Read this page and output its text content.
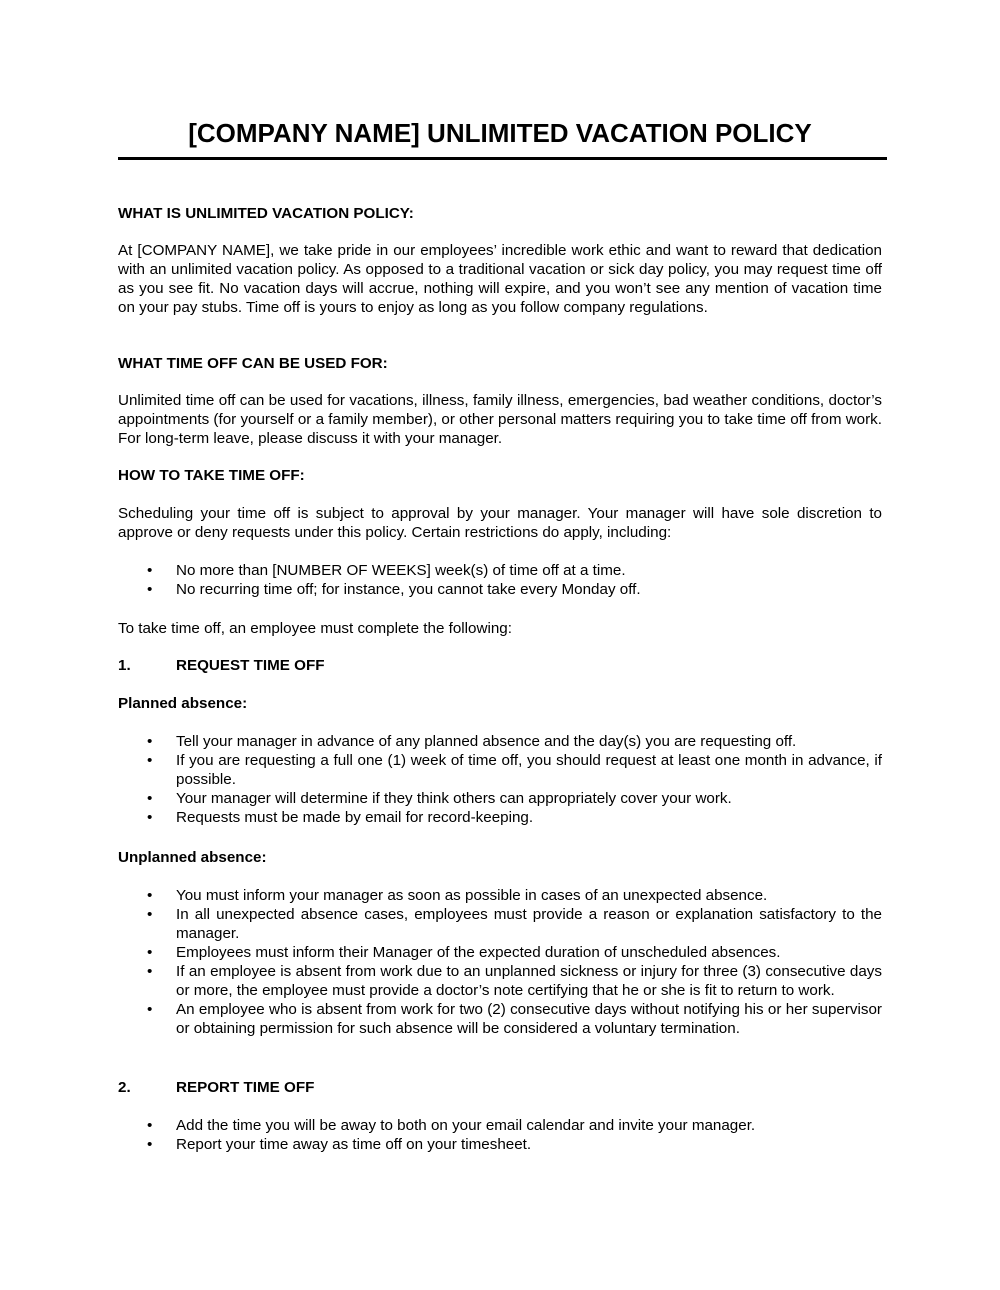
[COMPANY NAME] UNLIMITED VACATION POLICY
WHAT IS UNLIMITED VACATION POLICY:
At [COMPANY NAME], we take pride in our employees’ incredible work ethic and want to reward that dedication with an unlimited vacation policy. As opposed to a traditional vacation or sick day policy, you may request time off as you see fit. No vacation days will accrue, nothing will expire, and you won’t see any mention of vacation time on your pay stubs. Time off is yours to enjoy as long as you follow company regulations.
WHAT TIME OFF CAN BE USED FOR:
Unlimited time off can be used for vacations, illness, family illness, emergencies, bad weather conditions, doctor’s appointments (for yourself or a family member), or other personal matters requiring you to take time off from work. For long-term leave, please discuss it with your manager.
HOW TO TAKE TIME OFF:
Scheduling your time off is subject to approval by your manager. Your manager will have sole discretion to approve or deny requests under this policy. Certain restrictions do apply, including:
• No more than [NUMBER OF WEEKS] week(s) of time off at a time.
• No recurring time off; for instance, you cannot take every Monday off.
To take time off, an employee must complete the following:
1.	REQUEST TIME OFF
Planned absence:
• Tell your manager in advance of any planned absence and the day(s) you are requesting off.
• If you are requesting a full one (1) week of time off, you should request at least one month in advance, if possible.
• Your manager will determine if they think others can appropriately cover your work.
• Requests must be made by email for record-keeping.
Unplanned absence:
• You must inform your manager as soon as possible in cases of an unexpected absence.
• In all unexpected absence cases, employees must provide a reason or explanation satisfactory to the manager.
• Employees must inform their Manager of the expected duration of unscheduled absences.
• If an employee is absent from work due to an unplanned sickness or injury for three (3) consecutive days or more, the employee must provide a doctor’s note certifying that he or she is fit to return to work.
• An employee who is absent from work for two (2) consecutive days without notifying his or her supervisor or obtaining permission for such absence will be considered a voluntary termination.
2.	REPORT TIME OFF
• Add the time you will be away to both on your email calendar and invite your manager.
• Report your time away as time off on your timesheet.
